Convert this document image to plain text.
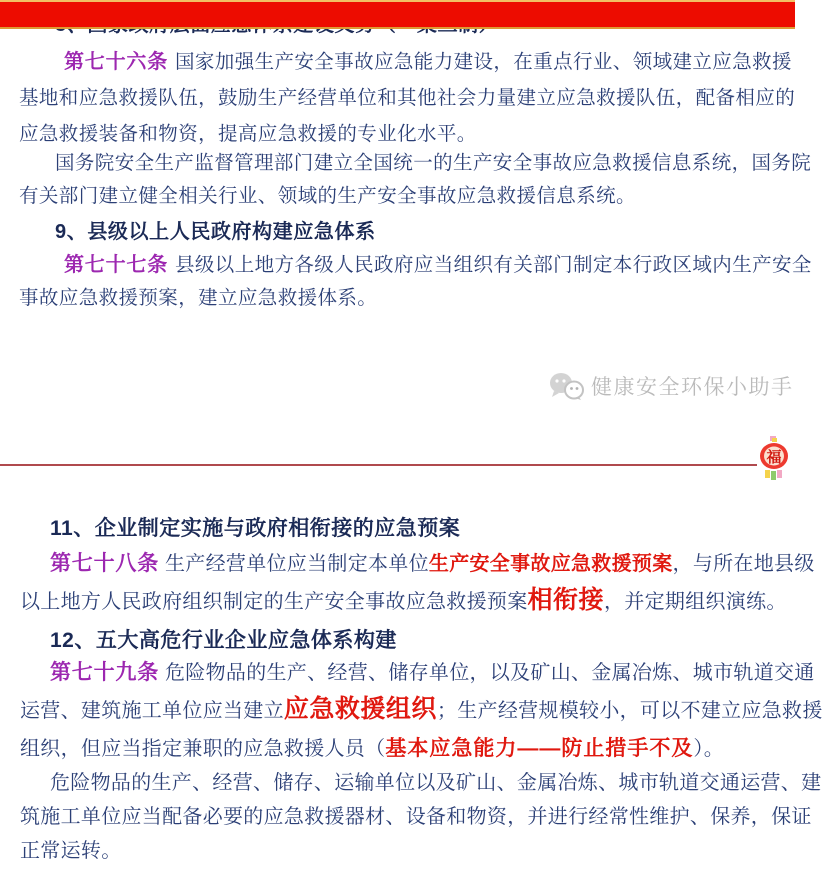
第七十六条 国家加强生产安全事故应急能力建设，在重点行业、领域建立应急救援
基地和应急救援队伍，鼓励生产经营单位和其他社会力量建立应急救援队伍，配备相应的
应急救援装备和物资，提高应急救援的专业化水平。
国务院安全生产监督管理部门建立全国统一的生产安全事故应急救援信息系统，国务院
有关部门建立健全相关行业、领域的生产安全事故应急救援信息系统。
9、县级以上人民政府构建应急体系
第七十七条 县级以上地方各级人民政府应当组织有关部门制定本行政区域内生产安全
事故应急救援预案，建立应急救援体系。
健康安全环保小助手
福
11、企业制定实施与政府相衔接的应急预案
第七十八条 生产经营单位应当制定本单位生产安全事故应急救援预案，与所在地县级
以上地方人民政府组织制定的生产安全事故应急救援预案相衔接，并定期组织演练。
12、五大高危行业企业应急体系构建
第七十九条 危险物品的生产、经营、储存单位，以及矿山、金属冶炼、城市轨道交通
运营、建筑施工单位应当建立应急救援组织；生产经营规模较小，可以不建立应急救援
组织，但应当指定兼职的应急救援人员（基本应急能力——防止措手不及）。
危险物品的生产、经营、储存、运输单位以及矿山、金属冶炼、城市轨道交通运营、建
筑施工单位应当配备必要的应急救援器材、设备和物资，并进行经常性维护、保养，保证
正常运转。
